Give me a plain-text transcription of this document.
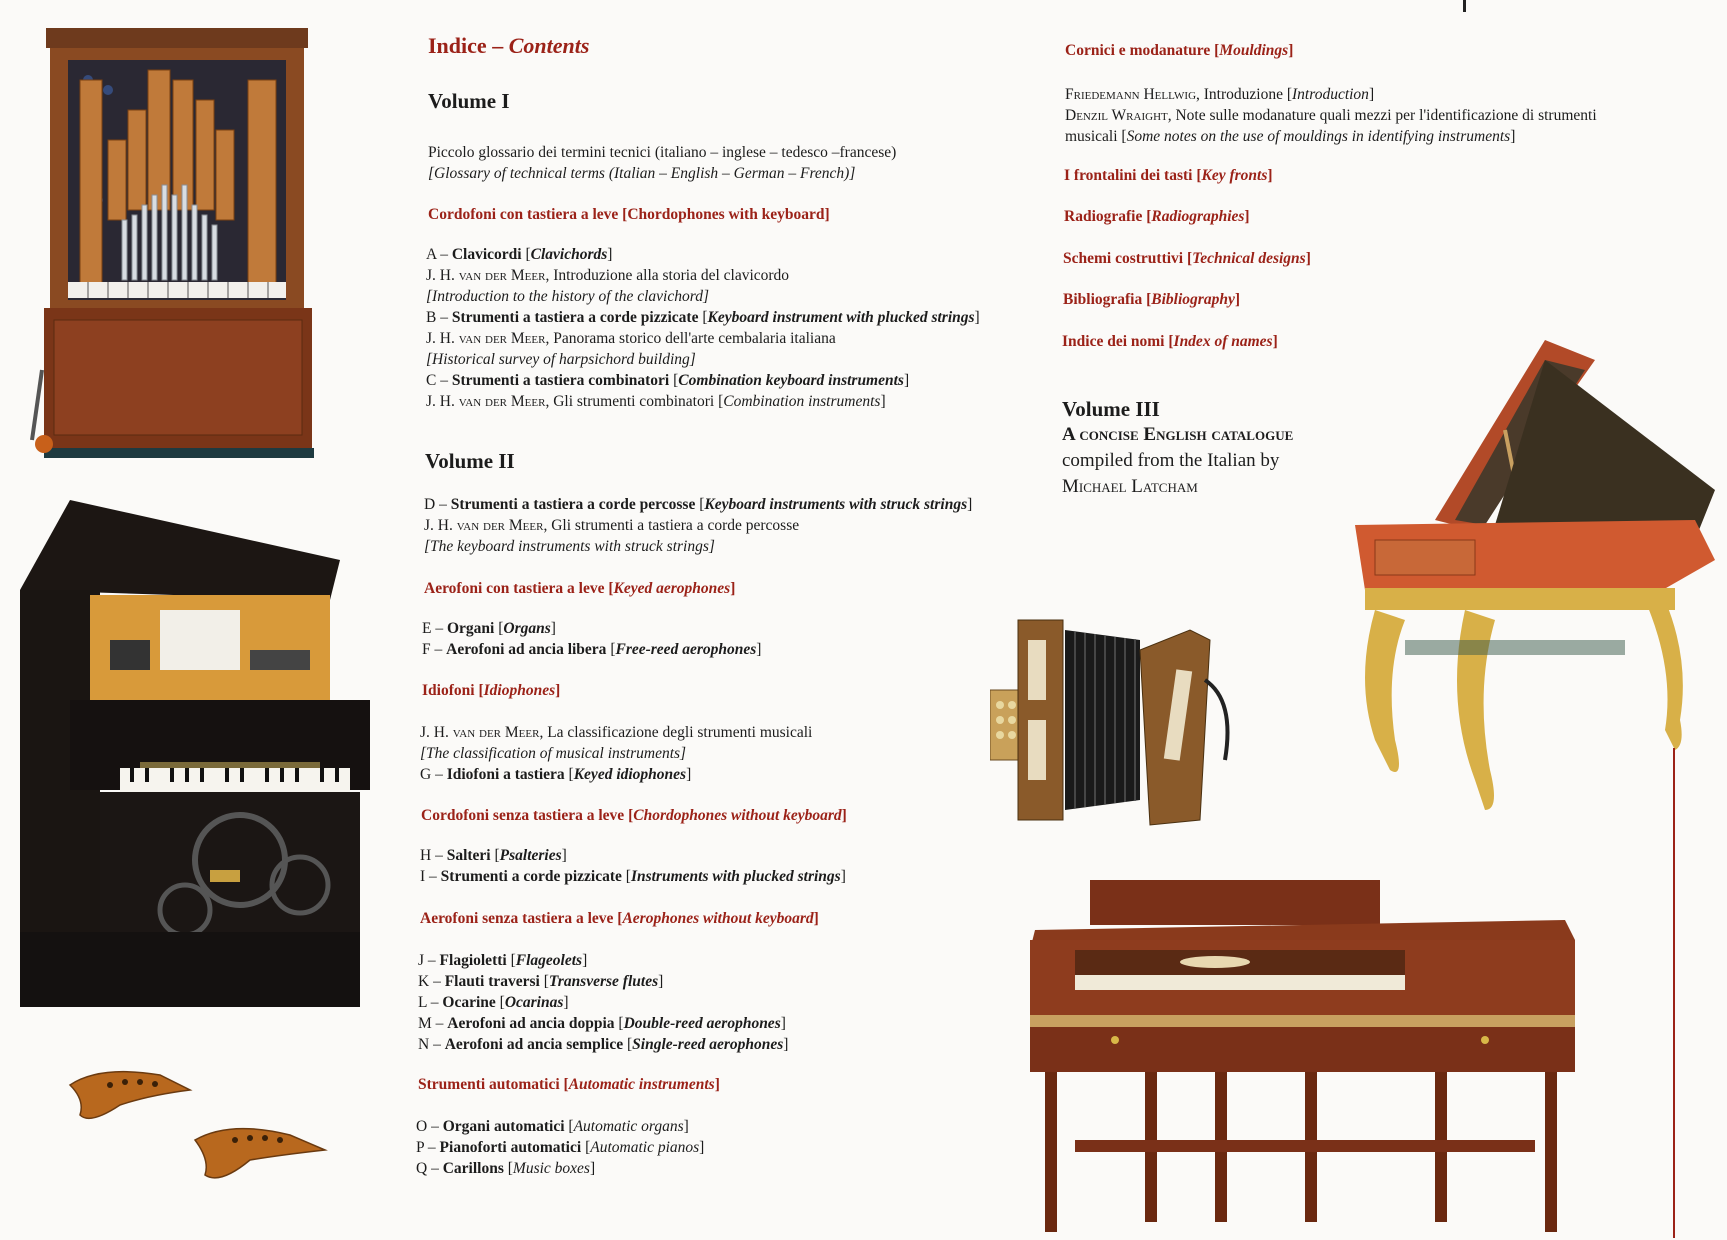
Indice – Contents
Volume I
Piccolo glossario dei termini tecnici (italiano – inglese – tedesco –francese)
[Glossary of technical terms (Italian – English – German – French)]
Cordofoni con tastiera a leve [Chordophones with keyboard]
A – Clavicordi [Clavichords]
J. H. van der Meer, Introduzione alla storia del clavicordo
[Introduction to the history of the clavichord]
B – Strumenti a tastiera a corde pizzicate [Keyboard instrument with plucked strings]
J. H. van der Meer, Panorama storico dell'arte cembalaria italiana
[Historical survey of harpsichord building]
C – Strumenti a tastiera combinatori [Combination keyboard instruments]
J. H. van der Meer, Gli strumenti combinatori [Combination instruments]
Volume II
D – Strumenti a tastiera a corde percosse [Keyboard instruments with struck strings]
J. H. van der Meer, Gli strumenti a tastiera a corde percosse
[The keyboard instruments with struck strings]
Aerofoni con tastiera a leve [Keyed aerophones]
E – Organi [Organs]
F – Aerofoni ad ancia libera [Free-reed aerophones]
Idiofoni [Idiophones]
J. H. van der Meer, La classificazione degli strumenti musicali
[The classification of musical instruments]
G – Idiofoni a tastiera [Keyed idiophones]
Cordofoni senza tastiera a leve [Chordophones without keyboard]
H – Salteri [Psalteries]
I – Strumenti a corde pizzicate [Instruments with plucked strings]
Aerofoni senza tastiera a leve [Aerophones without keyboard]
J – Flagioletti [Flageolets]
K – Flauti traversi [Transverse flutes]
L – Ocarine [Ocarinas]
M – Aerofoni ad ancia doppia [Double-reed aerophones]
N – Aerofoni ad ancia semplice [Single-reed aerophones]
Strumenti automatici [Automatic instruments]
O – Organi automatici [Automatic organs]
P – Pianoforti automatici [Automatic pianos]
Q – Carillons [Music boxes]
Cornici e modanature [Mouldings]
Friedemann Hellwig, Introduzione [Introduction]
Denzil Wraight, Note sulle modanature quali mezzi per l'identificazione di strumenti
musicali [Some notes on the use of mouldings in identifying instruments]
I frontalini dei tasti [Key fronts]
Radiografie [Radiographies]
Schemi costruttivi [Technical designs]
Bibliografia [Bibliography]
Indice dei nomi [Index of names]
Volume III
A concise English catalogue
compiled from the Italian by
Michael Latcham
